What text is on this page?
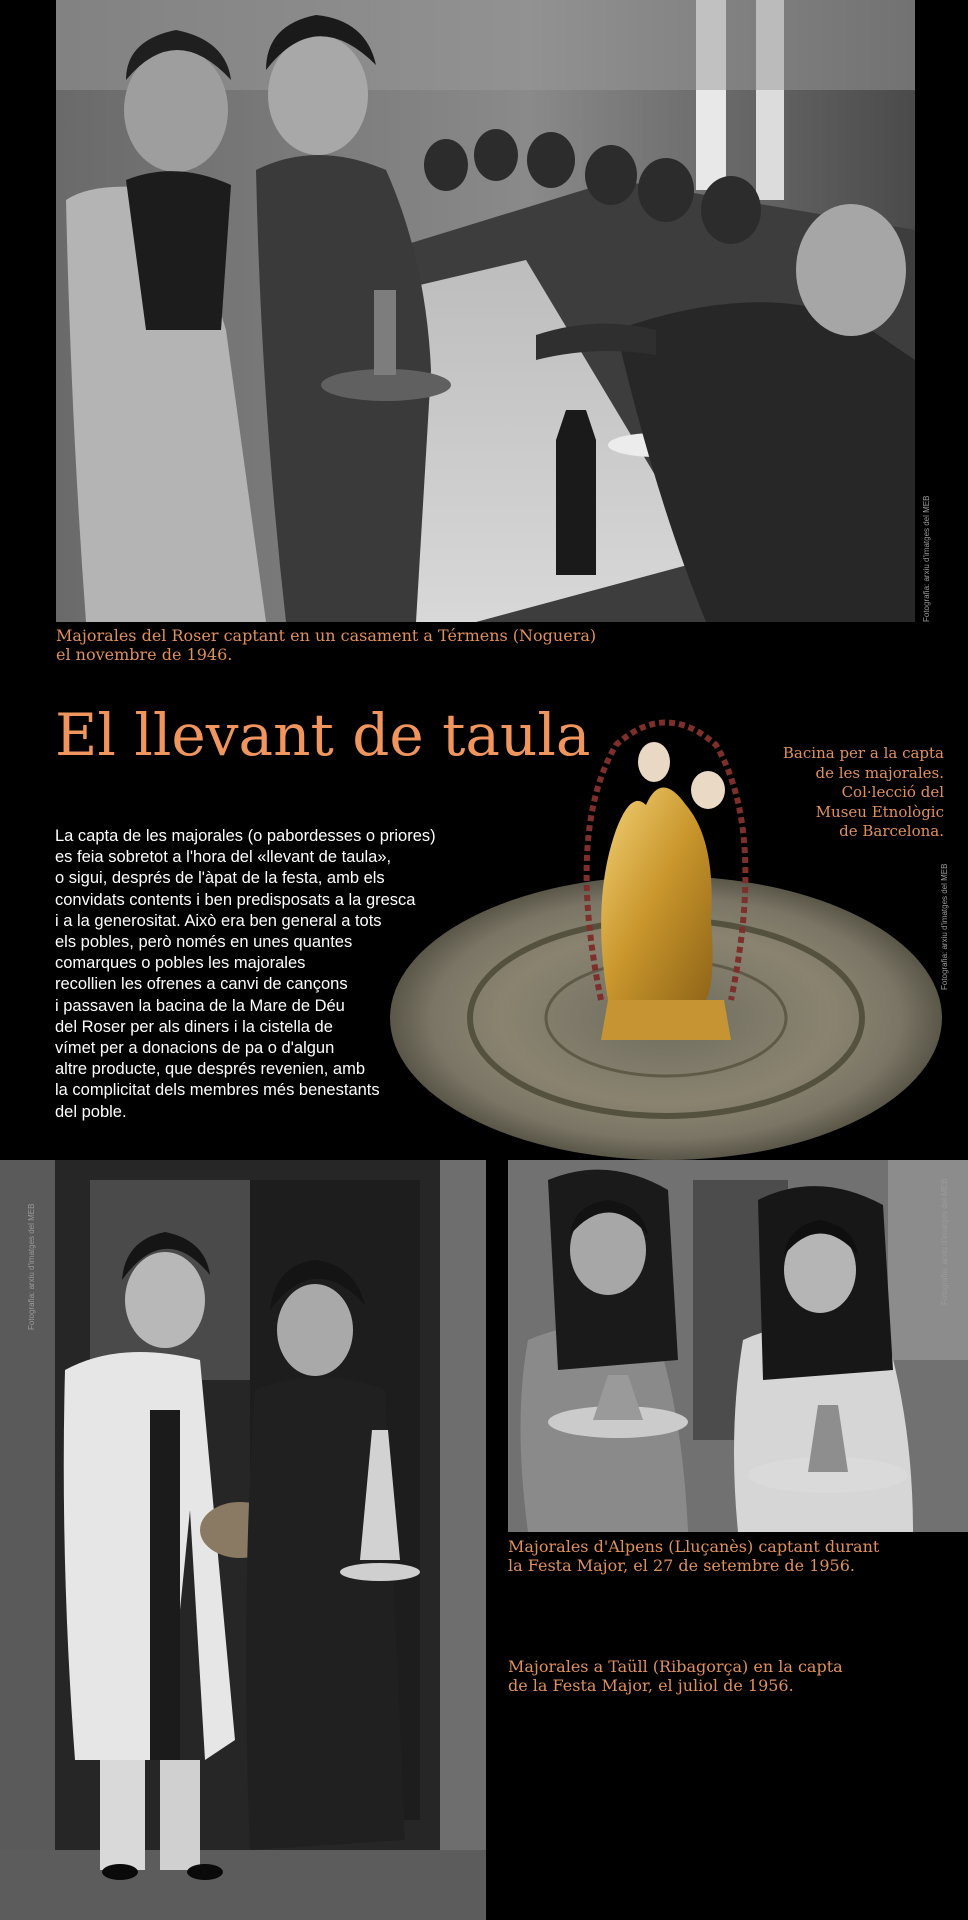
Fotografia: arxiu d'imatges del MEB

Majorales del Roser captant en un casament a Térmens (Noguera)
el novembre de 1946.

El llevant de taula
Fotografia: arxiu d'imatges del MEB
Bacina per a la capta
de les majorales.
Col·lecció del
Museu Etnològic
de Barcelona.

La capta de les majorales (o pabordesses o priores)
es feia sobretot a l'hora del «llevant de taula»,
o sigui, després de l'àpat de la festa, amb els
convidats contents i ben predisposats a la gresca
i a la generositat. Això era ben general a tots
els pobles, però només en unes quantes
comarques o pobles les majorales
recollien les ofrenes a canvi de cançons
i passaven la bacina de la Mare de Déu
del Roser per als diners i la cistella de
vímet per a donacions de pa o d'algun
altre producte, que després revenien, amb
la complicitat dels membres més benestants
del poble.

Fotografia: arxiu d'imatges del MEB	Fotografia: arxiu d'imatges del MEB

Majorales d'Alpens (Lluçanès) captant durant
la Festa Major, el 27 de setembre de 1956.

Majorales a Taüll (Ribagorça) en la capta
de la Festa Major, el juliol de 1956.
